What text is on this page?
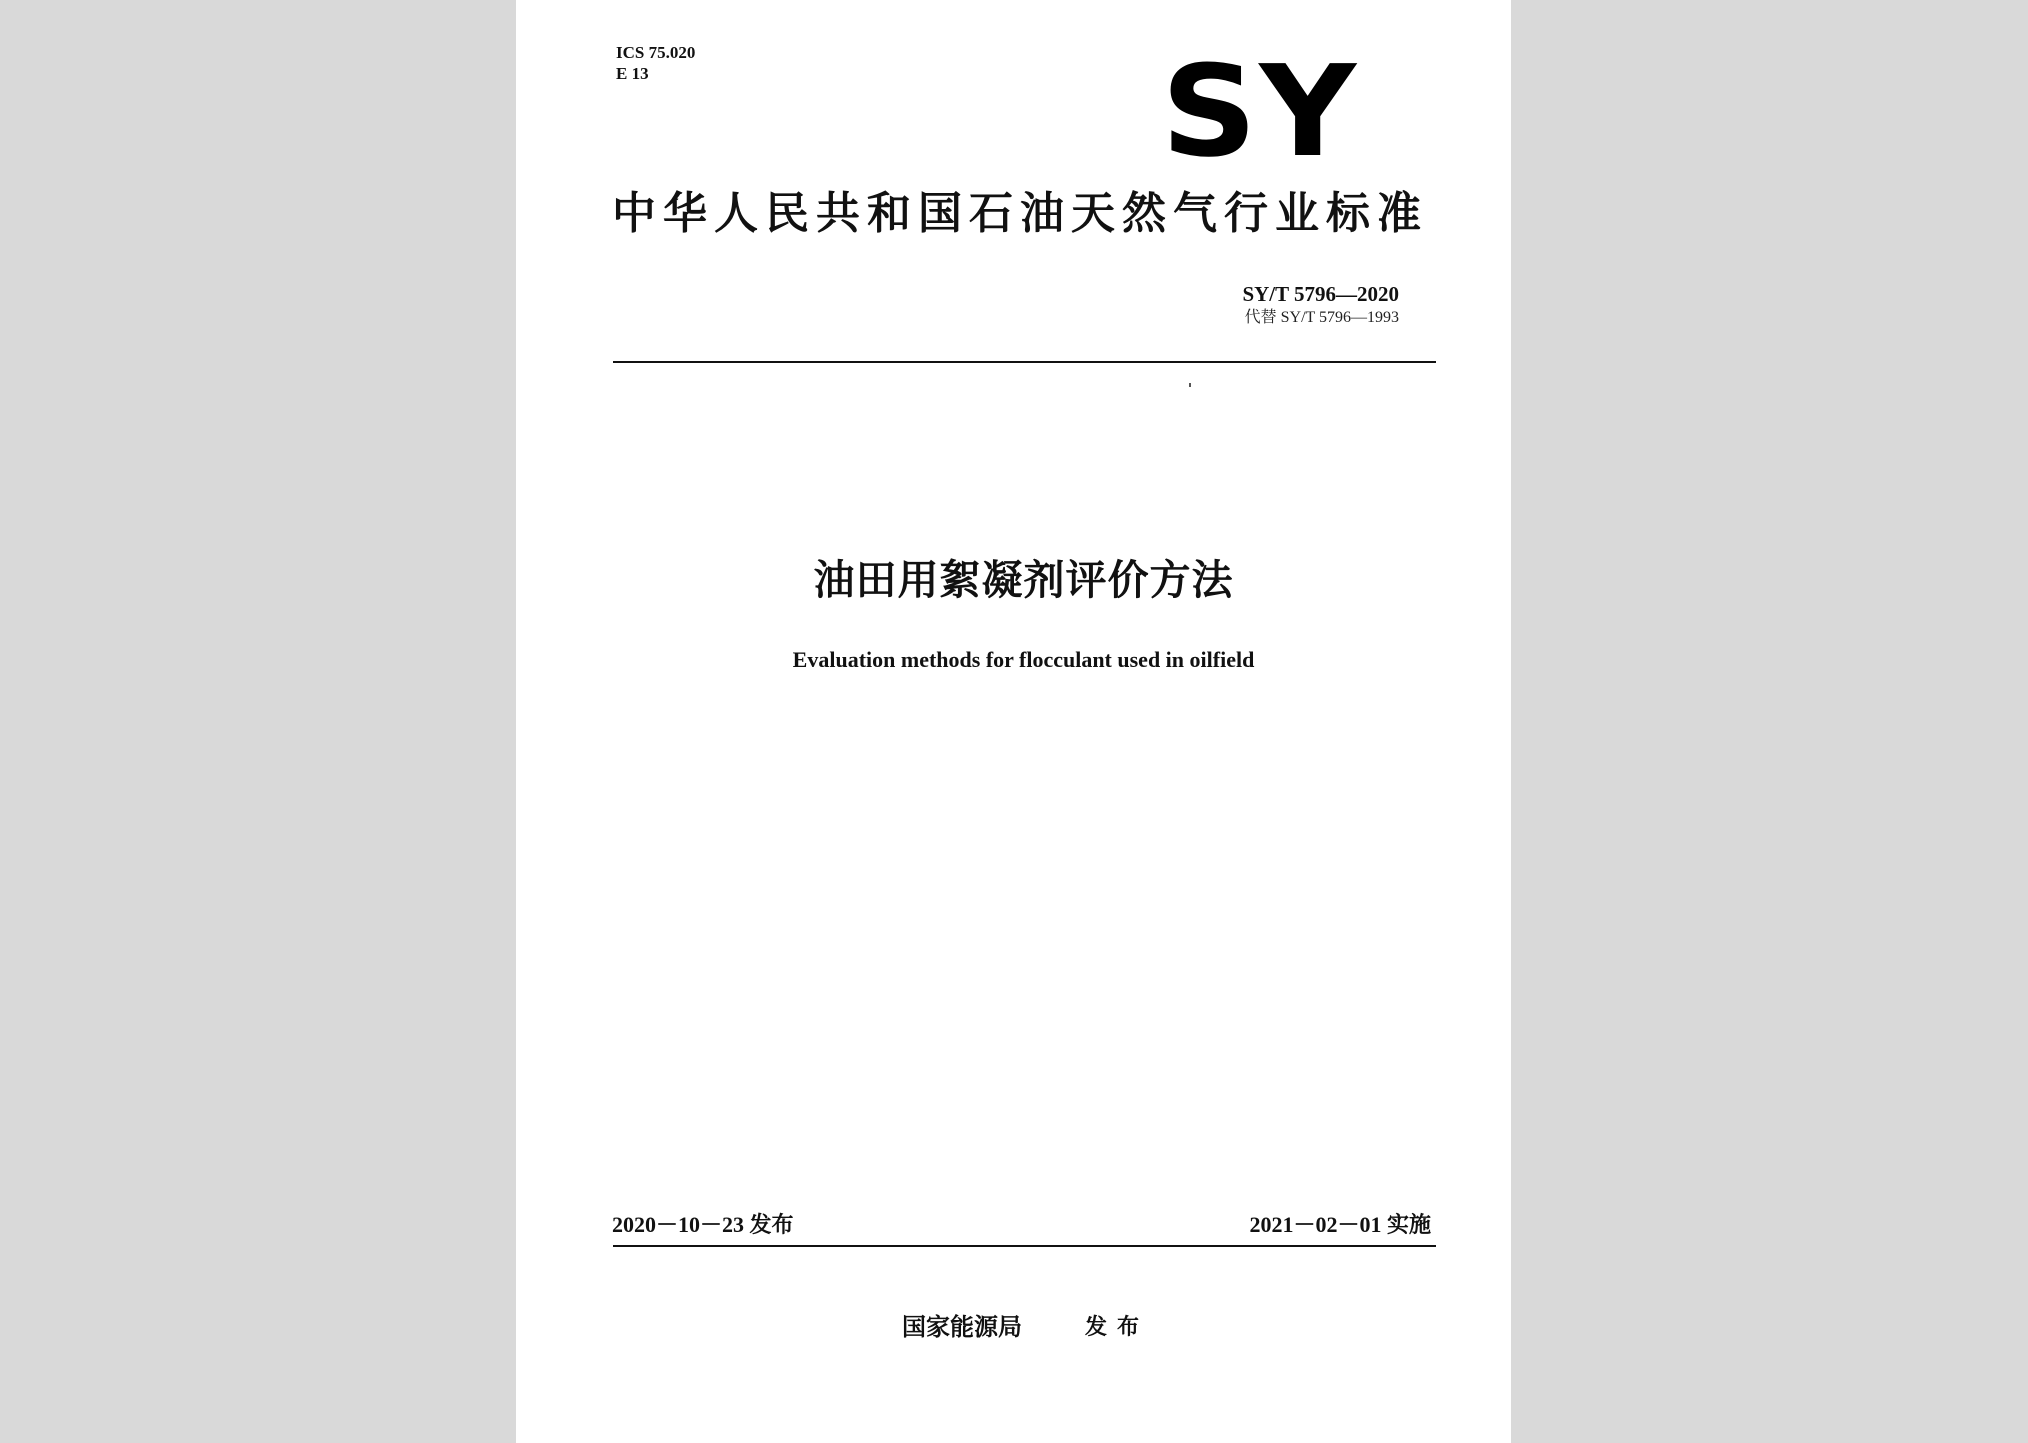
ICS 75.020
E 13	SY
中华人民共和国石油天然气行业标准
SY/T 5796—2020
代替 SY/T 5796—1993
油田用絮凝剂评价方法
Evaluation methods for flocculant used in oilfield
2020－10－23 发布	2021－02－01 实施
国家能源局	发布
